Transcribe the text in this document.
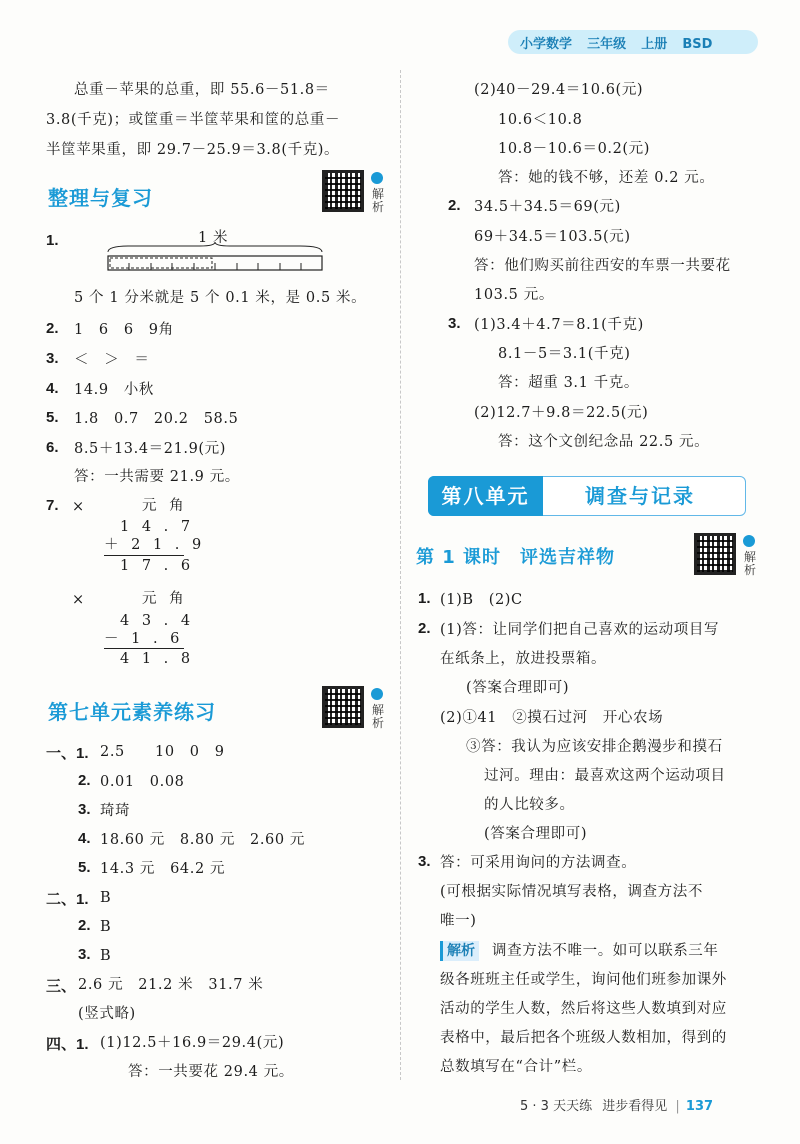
小学数学 三年级 上册 BSD
总重－苹果的总重，即 55.6－51.8＝
3.8(千克)；或筐重＝半筐苹果和筐的总重－
半筐苹果重，即 29.7－25.9＝3.8(千克)。
整理与复习	解析
1.	1 米
5 个 1 分米就是 5 个 0.1 米，是 0.5 米。
2. 1　6　6　9角
3. ＜　＞　＝
4. 14.9　小秋
5. 1.8　0.7　20.2　58.5
6. 8.5＋13.4＝21.9(元)
答：一共需要 21.9 元。
7. ×	元 角
1 4 . 7
＋ 2 1 . 9
1 7 . 6
×	元 角
4 3 . 4
－ 1 . 6
4 1 . 8
第七单元素养练习	解析
一、1. 2.5　　10　0　9
2. 0.01　0.08
3. 琦琦
4. 18.60 元　8.80 元　2.60 元
5. 14.3 元　64.2 元
二、1. B
2. B
3. B
三、 2.6 元　21.2 米　31.7 米
(竖式略)
四、1. (1)12.5＋16.9＝29.4(元)
答：一共要花 29.4 元。
(2)40－29.4＝10.6(元)
10.6＜10.8
10.8－10.6＝0.2(元)
答：她的钱不够，还差 0.2 元。
2. 34.5＋34.5＝69(元)
69＋34.5＝103.5(元)
答：他们购买前往西安的车票一共要花
103.5 元。
3. (1)3.4＋4.7＝8.1(千克)
8.1－5＝3.1(千克)
答：超重 3.1 千克。
(2)12.7＋9.8＝22.5(元)
答：这个文创纪念品 22.5 元。
第八单元	调查与记录
第 1 课时　评选吉祥物	解析
1. (1)B　(2)C
2. (1)答：让同学们把自己喜欢的运动项目写
在纸条上，放进投票箱。
(答案合理即可)
(2)①41　②摸石过河　开心农场
③答：我认为应该安排企鹅漫步和摸石
过河。理由：最喜欢这两个运动项目
的人比较多。
(答案合理即可)
3. 答：可采用询问的方法调查。
(可根据实际情况填写表格，调查方法不
唯一)
解析 调查方法不唯一。如可以联系三年
级各班班主任或学生，询问他们班参加课外
活动的学生人数，然后将这些人数填到对应
表格中，最后把各个班级人数相加，得到的
总数填写在“合计”栏。
5 · 3 天天练 进步看得见 | 137
